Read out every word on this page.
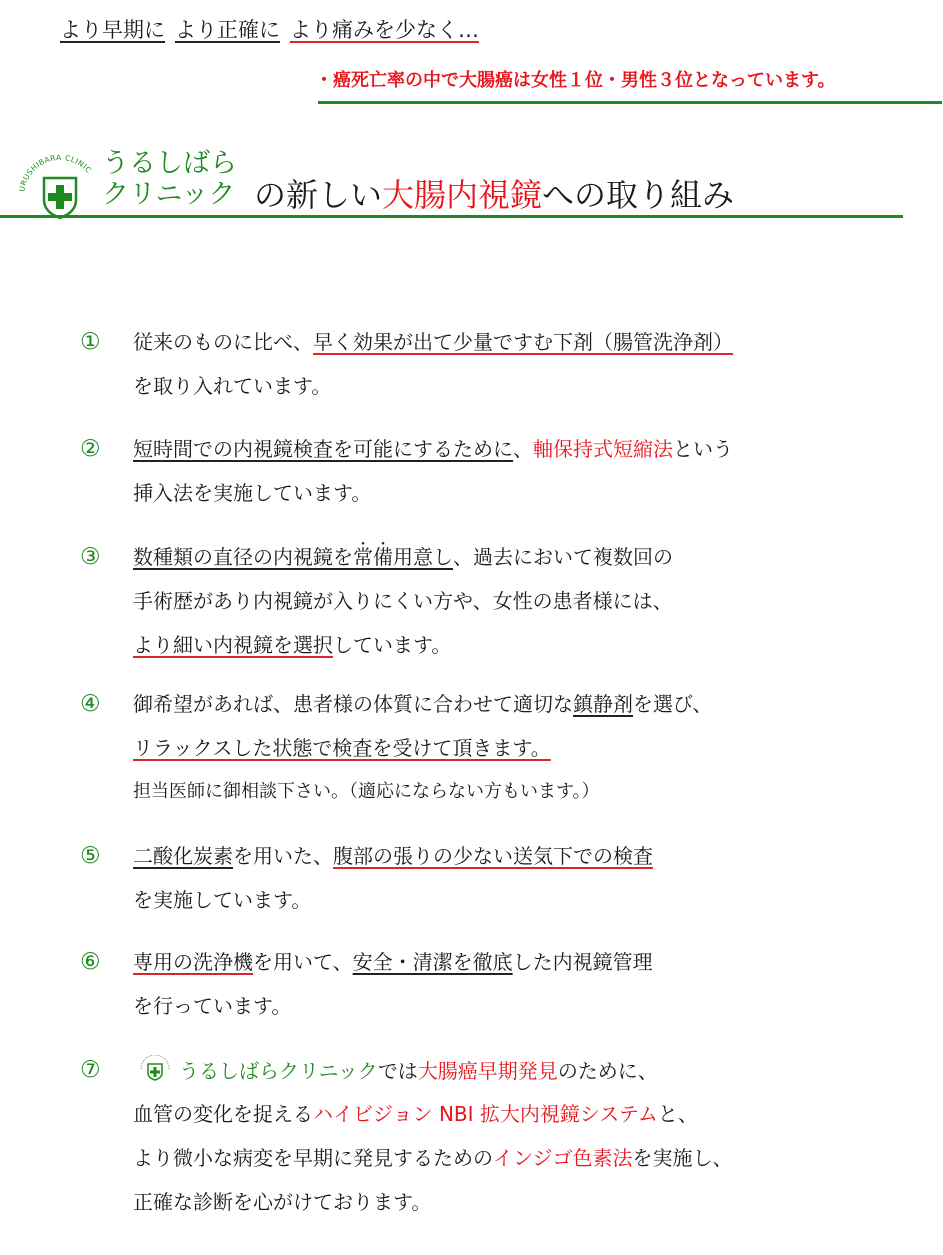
より早期に より正確に より痛みを少なく…
・癌死亡率の中で大腸癌は女性１位・男性３位となっています。
URUSHIBARA CLINIC うるしばら
クリニック の新しい大腸内視鏡への取り組み
① 従来のものに比べ、早く効果が出て少量ですむ下剤（腸管洗浄剤）
を取り入れています。
② 短時間での内視鏡検査を可能にするために、軸保持式短縮法という
挿入法を実施しています。
③ 数種類の直径の内視鏡を・ 常・ 備用意し、過去において複数回の
手術歴があり内視鏡が入りにくい方や、女性の患者様には、
より細い内視鏡を選択しています。
④ 御希望があれば、患者様の体質に合わせて適切な鎮静剤を選び、
リラックスした状態で検査を受けて頂きます。
担当医師に御相談下さい。（適応にならない方もいます。）
⑤ 二酸化炭素を用いた、腹部の張りの少ない送気下での検査
を実施しています。
⑥ 専用の洗浄機を用いて、安全・清潔を徹底した内視鏡管理
を行っています。
⑦	うるしばらクリニックでは大腸癌早期発見のために、
血管の変化を捉えるハイビジョン NBI 拡大内視鏡システムと、
より微小な病変を早期に発見するためのインジゴ色素法を実施し、
正確な診断を心がけております。
